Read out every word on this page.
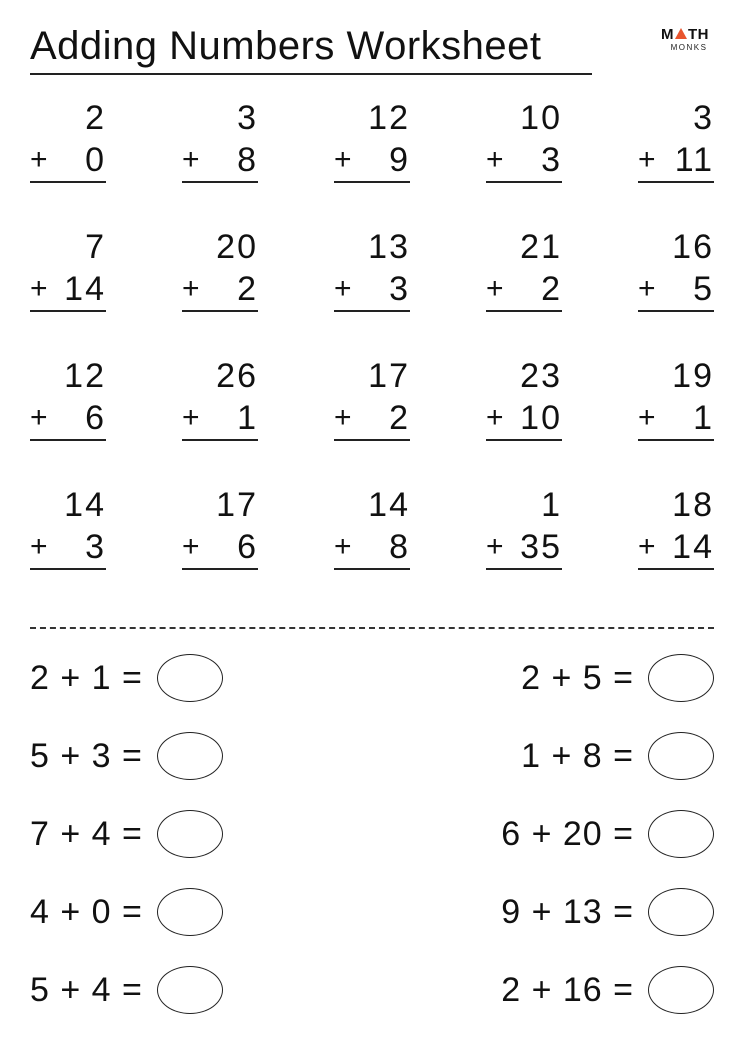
Adding Numbers Worksheet	M TH
MONKS
2
+ 0
3
+ 8
12
+ 9
10
+ 3
3
+ 11
7
+ 14
20
+ 2
13
+ 3
21
+ 2
16
+ 5
12
+ 6
26
+ 1
17
+ 2
23
+ 10
19
+ 1
14
+ 3
17
+ 6
14
+ 8
1
+ 35
18
+ 14
2 + 1 =
5 + 3 =
7 + 4 =
4 + 0 =
5 + 4 =
2 + 5 =
1 + 8 =
6 + 20 =
9 + 13 =
2 + 16 =
